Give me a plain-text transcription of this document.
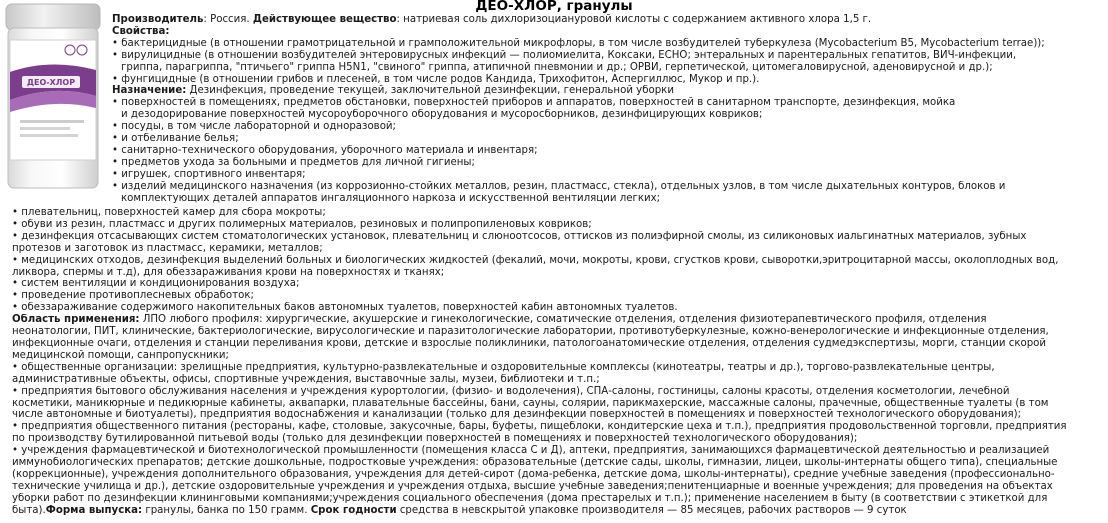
ДЕО-ХЛОР
ДЕО-ХЛОР, гранулы
Производитель: Россия. Действующее вещество: натриевая соль дихлоризоциануровой кислоты с содержанием активного хлора 1,5 г.
Свойства:
• бактерицидные (в отношении грамотрицательной и грамположительной микрофлоры, в том числе возбудителей туберкулеза (Mycobacterium B5, Mycobacterium terrae));
• вирулицидные (в отношении возбудителей энтеровирусных инфекций — полиомиелита, Коксаки, ЕСНО; энтеральных и парентеральных гепатитов, ВИЧ-инфекции,
гриппа, парагриппа, "птичьего" гриппа H5N1, "свиного" гриппа, атипичной пневмонии и др.; ОРВИ, герпетической, цитомегаловирусной, аденовирусной и др.);
• фунгицидные (в отношении грибов и плесеней, в том числе родов Кандида, Трихофитон, Аспергиллюс, Мукор и пр.).
Назначение: Дезинфекция, проведение текущей, заключительной дезинфекции, генеральной уборки
• поверхностей в помещениях, предметов обстановки, поверхностей приборов и аппаратов, поверхностей в санитарном транспорте, дезинфекция, мойка
и дезодорирование поверхностей мусороуборочного оборудования и мусоросборников, дезинфицирующих ковриков;
• посуды, в том числе лабораторной и одноразовой;
• и отбеливание белья;
• санитарно-технического оборудования, уборочного материала и инвентаря;
• предметов ухода за больными и предметов для личной гигиены;
• игрушек, спортивного инвентаря;
• изделий медицинского назначения (из коррозионно-стойких металлов, резин, пластмасс, стекла), отдельных узлов, в том числе дыхательных контуров, блоков и
комплектующих деталей аппаратов ингаляционного наркоза и искусственной вентиляции легких;
• плевательниц, поверхностей камер для сбора мокроты;
• обуви из резин, пластмасс и других полимерных материалов, резиновых и полипропиленовых ковриков;
• дезинфекция отсасывающих систем стоматологических установок, плевательниц и слюноотсосов, оттисков из полиэфирной смолы, из силиконовых иальгинатных материалов, зубных
протезов и заготовок из пластмасс, керамики, металлов;
• медицинских отходов, дезинфекция выделений больных и биологических жидкостей (фекалий, мочи, мокроты, крови, сгустков крови, сыворотки,эритроцитарной массы, околоплодных вод,
ликвора, спермы и т.д), для обеззараживания крови на поверхностях и тканях;
• систем вентиляции и кондиционирования воздуха;
• проведение противоплесневых обработок;
• обеззараживание содержимого накопительных баков автономных туалетов, поверхностей кабин автономных туалетов.
Область применения: ЛПО любого профиля: хирургические, акушерские и гинекологические, соматические отделения, отделения физиотерапевтического профиля, отделения
неонатологии, ПИТ, клинические, бактериологические, вирусологические и паразитологические лаборатории, противотуберкулезные, кожно-венерологические и инфекционные отделения,
инфекционные очаги, отделения и станции переливания крови, детские и взрослые поликлиники, патологоанатомические отделения, отделения судмедэкспертизы, морги, станции скорой
медицинской помощи, санпропускники;
• общественные организации: зрелищные предприятия, культурно-развлекательные и оздоровительные комплексы (кинотеатры, театры и др.), торгово-развлекательные центры,
административные объекты, офисы, спортивные учреждения, выставочные залы, музеи, библиотеки и т.п.;
• предприятия бытового обслуживания населения и учреждения курортологии, (физио- и водолечения), СПА-салоны, гостиницы, салоны красоты, отделения косметологии, лечебной
косметики, маникюрные и педикюрные кабинеты, аквапарки, плавательные бассейны, бани, сауны, солярии, парикмахерские, массажные салоны, прачечные, общественные туалеты (в том
числе автономные и биотуалеты), предприятия водоснабжения и канализации (только для дезинфекции поверхностей в помещениях и поверхностей технологического оборудования);
• предприятия общественного питания (рестораны, кафе, столовые, закусочные, бары, буфеты, пищеблоки, кондитерские цеха и т.п.), предприятия продовольственной торговли, предприятия
по производству бутилированной питьевой воды (только для дезинфекции поверхностей в помещениях и поверхностей технологического оборудования);
• учреждения фармацевтической и биотехнологической промышленности (помещения класса С и Д), аптеки, предприятия, занимающихся фармацевтической деятельностью и реализацией
иммунобиологических препаратов; детские дошкольные, подростковые учреждения: образовательные (детские сады, школы, гимназии, лицеи, школы-интернаты общего типа), специальные
(коррекционные), учреждения дополнительного образования, учреждения для детей-сирот (дома-ребенка, детские дома, школы-интернаты), средние учебные заведения (профессионально-
технические училища и др.), детские оздоровительные учреждения и учреждения отдыха, высшие учебные заведения;пенитенциарные и военные учреждения; для проведения на объектах
уборки работ по дезинфекции клининговыми компаниями;учреждения социального обеспечения (дома престарелых и т.п.); применение населением в быту (в соответствии с этикеткой для
быта).Форма выпуска: гранулы, банка по 150 грамм. Срок годности средства в невскрытой упаковке производителя — 85 месяцев, рабочих растворов — 9 суток
